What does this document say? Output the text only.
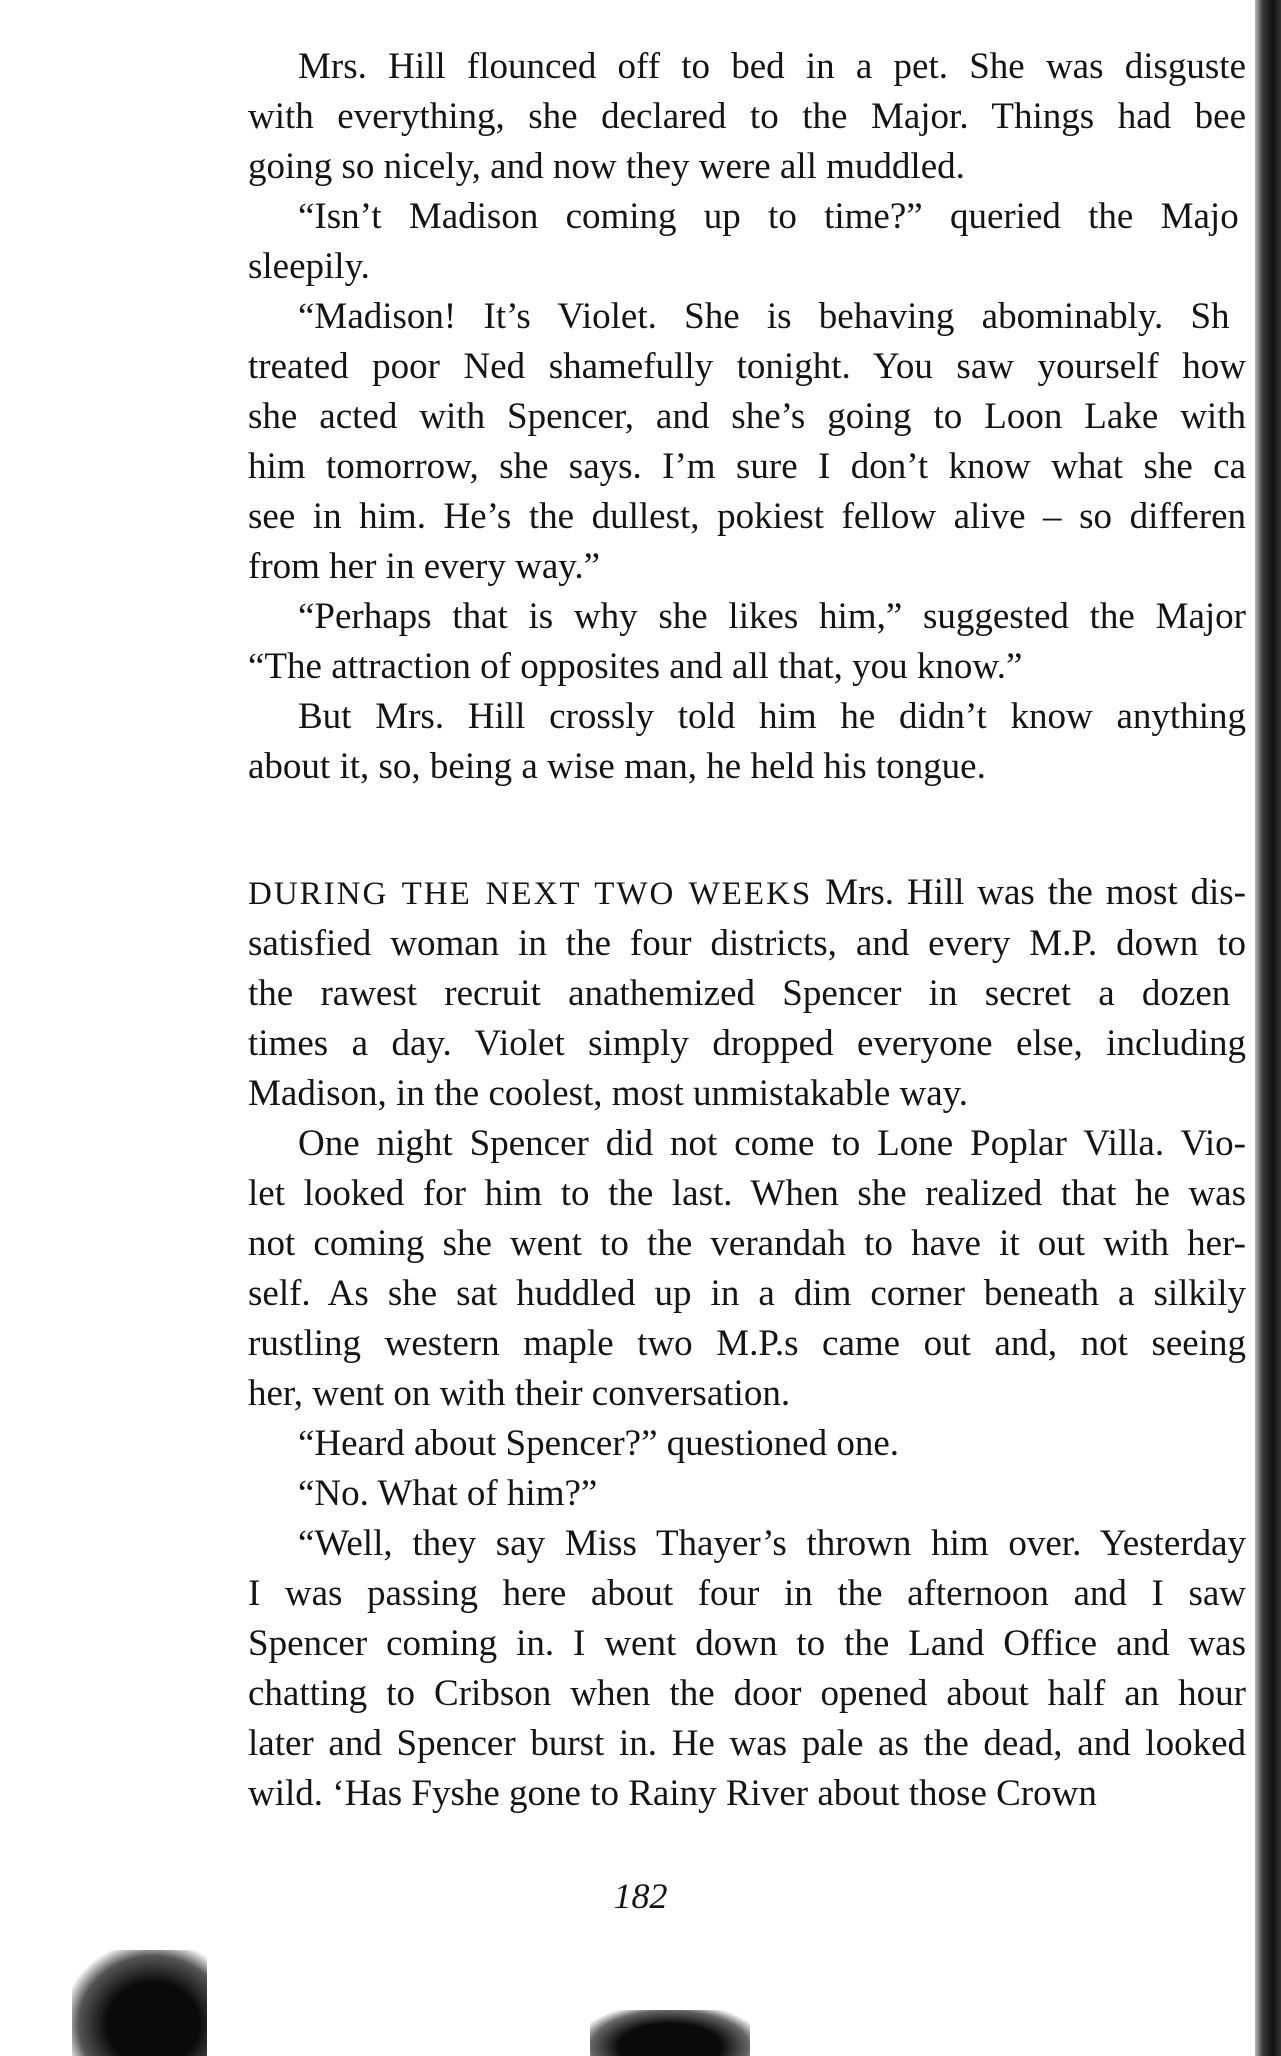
Mrs. Hill flounced off to bed in a pet. She was disguste
with everything, she declared to the Major. Things had bee
going so nicely, and now they were all muddled.

“Isn’t Madison coming up to time?” queried the Majo
sleepily.

“Madison! It’s Violet. She is behaving abominably. Sh
treated poor Ned shamefully tonight. You saw yourself how
she acted with Spencer, and she’s going to Loon Lake with
him tomorrow, she says. I’m sure I don’t know what she ca
see in him. He’s the dullest, pokiest fellow alive – so differen
from her in every way.”

“Perhaps that is why she likes him,” suggested the Major
“The attraction of opposites and all that, you know.”

But Mrs. Hill crossly told him he didn’t know anything
about it, so, being a wise man, he held his tongue.

DURING THE NEXT TWO WEEKS Mrs. Hill was the most dis-
satisfied woman in the four districts, and every M.P. down to
the rawest recruit anathemized Spencer in secret a dozen
times a day. Violet simply dropped everyone else, including
Madison, in the coolest, most unmistakable way.

One night Spencer did not come to Lone Poplar Villa. Vio-
let looked for him to the last. When she realized that he was
not coming she went to the verandah to have it out with her-
self. As she sat huddled up in a dim corner beneath a silkily
rustling western maple two M.P.s came out and, not seeing
her, went on with their conversation.

“Heard about Spencer?” questioned one.

“No. What of him?”

“Well, they say Miss Thayer’s thrown him over. Yesterday
I was passing here about four in the afternoon and I saw
Spencer coming in. I went down to the Land Office and was
chatting to Cribson when the door opened about half an hour
later and Spencer burst in. He was pale as the dead, and looked
wild. ‘Has Fyshe gone to Rainy River about those Crown

182
